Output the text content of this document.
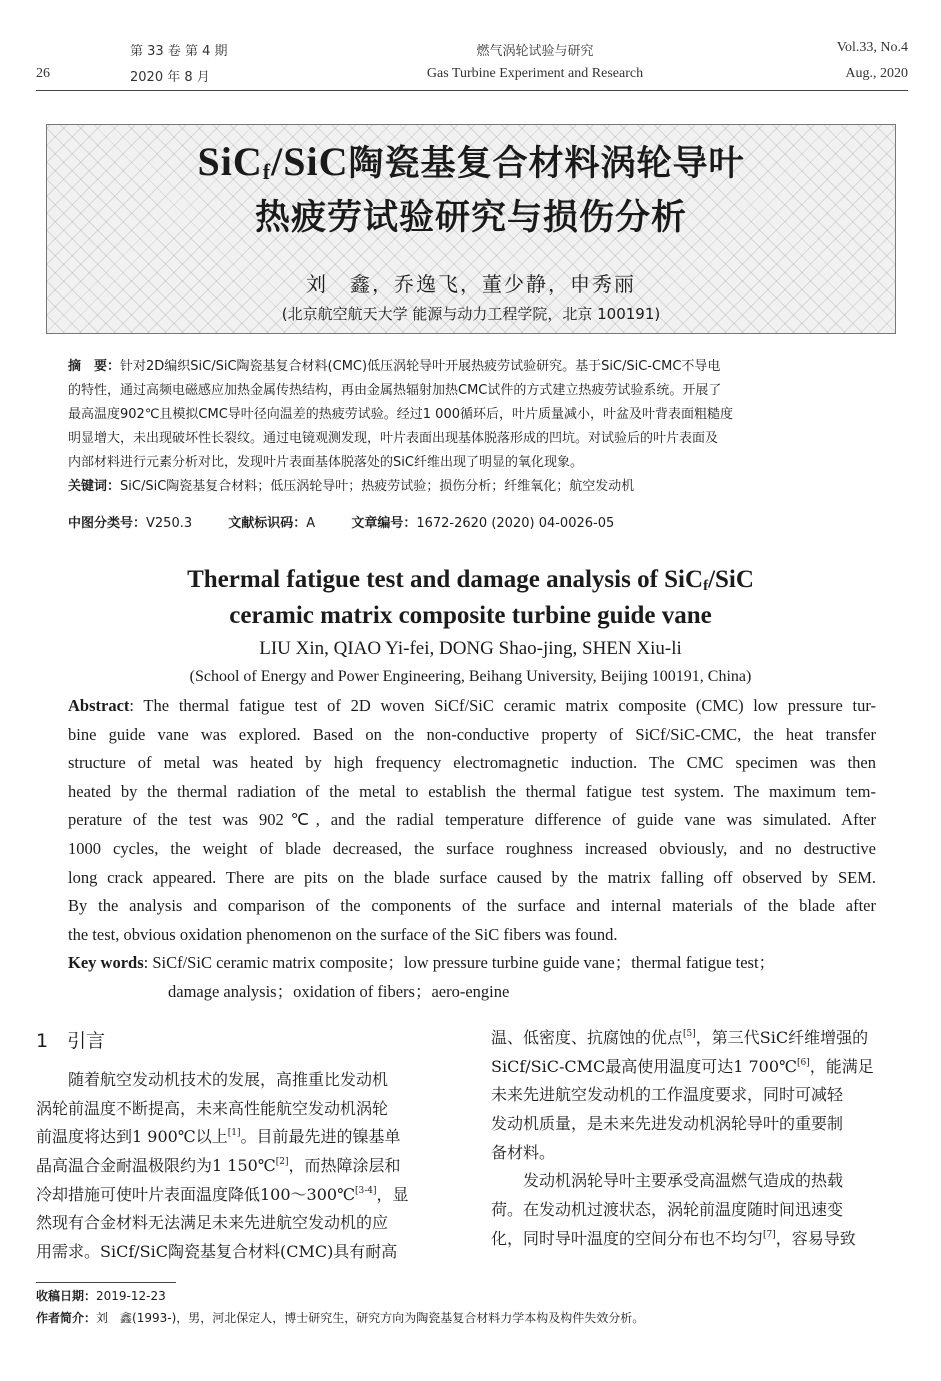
26
第 33 卷 第 4 期
2020 年 8 月
燃气涡轮试验与研究
Gas Turbine Experiment and Research
Vol.33, No.4
Aug., 2020
SiC$_f$/SiC陶瓷基复合材料涡轮导叶
热疲劳试验研究与损伤分析
刘　鑫，乔逸飞，董少静，申秀丽
(北京航空航天大学 能源与动力工程学院，北京 100191)
摘　要：针对2D编织SiC/SiC陶瓷基复合材料(CMC)低压涡轮导叶开展热疲劳试验研究。基于SiC/SiC-CMC不导电
的特性，通过高频电磁感应加热金属传热结构，再由金属热辐射加热CMC试件的方式建立热疲劳试验系统。开展了
最高温度902℃且模拟CMC导叶径向温差的热疲劳试验。经过1 000循环后，叶片质量减小，叶盆及叶背表面粗糙度
明显增大，未出现破坏性长裂纹。通过电镜观测发现，叶片表面出现基体脱落形成的凹坑。对试验后的叶片表面及
内部材料进行元素分析对比，发现叶片表面基体脱落处的SiC纤维出现了明显的氧化现象。
关键词：SiC/SiC陶瓷基复合材料；低压涡轮导叶；热疲劳试验；损伤分析；纤维氧化；航空发动机
中图分类号：V250.3	文献标识码：A	文章编号：1672-2620 (2020) 04-0026-05
Thermal fatigue test and damage analysis of SiC$_f$/SiC
ceramic matrix composite turbine guide vane
LIU Xin, QIAO Yi-fei, DONG Shao-jing, SHEN Xiu-li
(School of Energy and Power Engineering, Beihang University, Beijing 100191, China)
Abstract: The thermal fatigue test of 2D woven SiCf/SiC ceramic matrix composite (CMC) low pressure tur-
bine guide vane was explored. Based on the non-conductive property of SiCf/SiC-CMC, the heat transfer
structure of metal was heated by high frequency electromagnetic induction. The CMC specimen was then
heated by the thermal radiation of the metal to establish the thermal fatigue test system. The maximum tem-
perature of the test was 902℃, and the radial temperature difference of guide vane was simulated. After
1000 cycles, the weight of blade decreased, the surface roughness increased obviously, and no destructive
long crack appeared. There are pits on the blade surface caused by the matrix falling off observed by SEM.
By the analysis and comparison of the components of the surface and internal materials of the blade after
the test, obvious oxidation phenomenon on the surface of the SiC fibers was found.
Key words: SiCf/SiC ceramic matrix composite；low pressure turbine guide vane；thermal fatigue test；
damage analysis；oxidation of fibers；aero-engine
1　引言
　　随着航空发动机技术的发展，高推重比发动机
涡轮前温度不断提高，未来高性能航空发动机涡轮
前温度将达到1 900℃以上[1]。目前最先进的镍基单
晶高温合金耐温极限约为1 150℃[2]，而热障涂层和
冷却措施可使叶片表面温度降低100～300℃[3-4]，显
然现有合金材料无法满足未来先进航空发动机的应
用需求。SiCf/SiC陶瓷基复合材料(CMC)具有耐高
温、低密度、抗腐蚀的优点[5]，第三代SiC纤维增强的
SiCf/SiC-CMC最高使用温度可达1 700℃[6]，能满足
未来先进航空发动机的工作温度要求，同时可减轻
发动机质量，是未来先进发动机涡轮导叶的重要制
备材料。
　　发动机涡轮导叶主要承受高温燃气造成的热载
荷。在发动机过渡状态，涡轮前温度随时间迅速变
化，同时导叶温度的空间分布也不均匀[7]，容易导致
收稿日期：2019-12-23
作者简介：刘　鑫(1993-)，男，河北保定人，博士研究生，研究方向为陶瓷基复合材料力学本构及构件失效分析。
